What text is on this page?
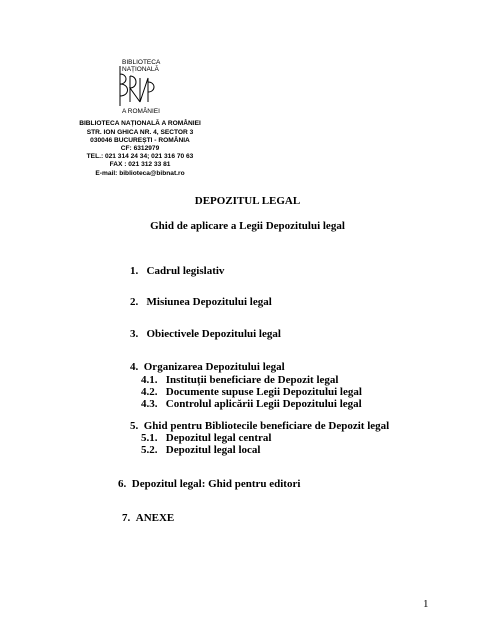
BIBLIOTECA
NAȚIONALĂ
A ROMÂNIEI
BIBLIOTECA NAȚIONALĂ A ROMÂNIEI
STR. ION GHICA NR. 4, SECTOR 3
030046 BUCUREȘTI - ROMÂNIA
CF: 6312979
TEL.: 021 314 24 34; 021 316 70 63
FAX : 021 312 33 81
E-mail: biblioteca@bibnat.ro
DEPOZITUL LEGAL
Ghid de aplicare a Legii Depozitului legal
1. Cadrul legislativ
2. Misiunea Depozitului legal
3. Obiectivele Depozitului legal
4. Organizarea Depozitului legal
4.1. Instituții beneficiare de Depozit legal
4.2. Documente supuse Legii Depozitului legal
4.3. Controlul aplicării Legii Depozitului legal
5. Ghid pentru Bibliotecile beneficiare de Depozit legal
5.1. Depozitul legal central
5.2. Depozitul legal local
6. Depozitul legal: Ghid pentru editori
7. ANEXE
1
